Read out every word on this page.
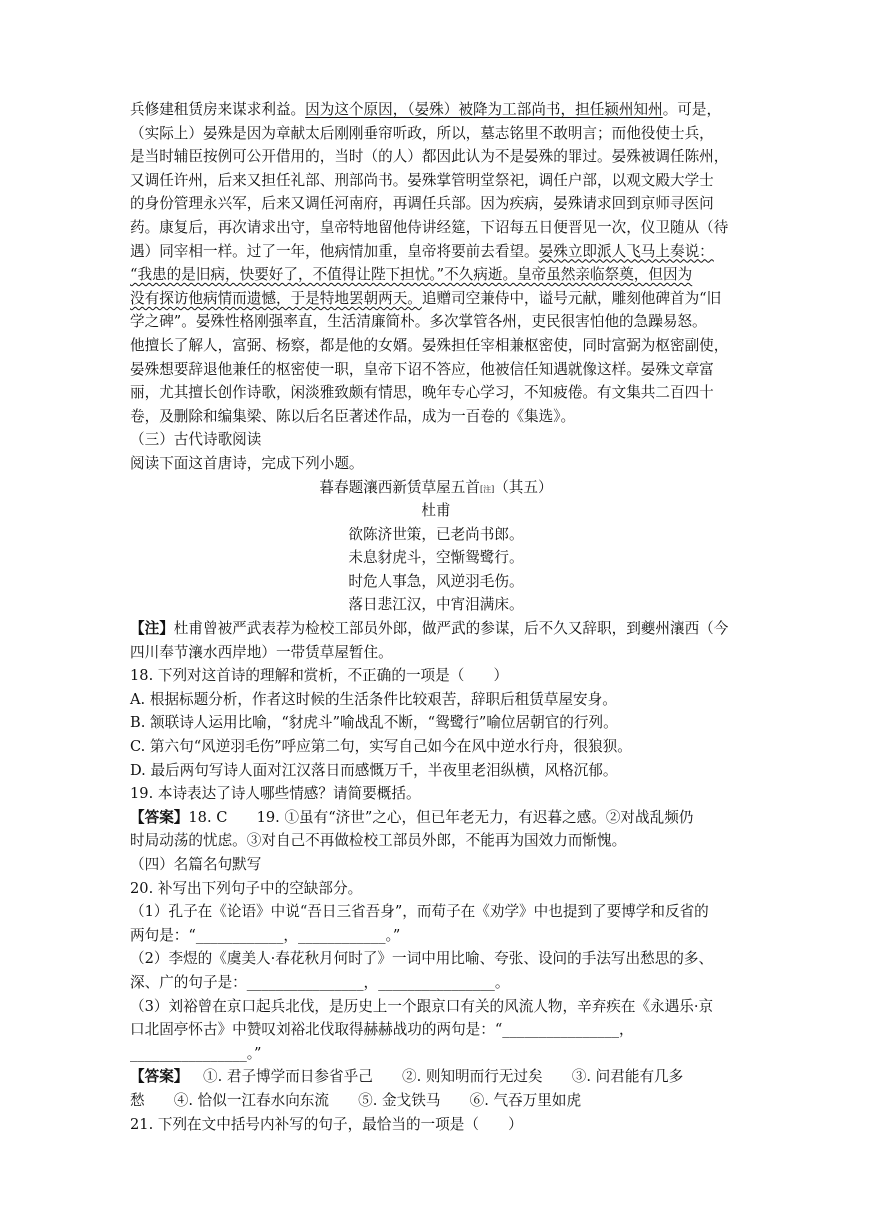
兵修建租赁房来谋求利益。因为这个原因，（晏殊）被降为工部尚书，担任颍州知州。可是，
（实际上）晏殊是因为章献太后刚刚垂帘听政，所以，墓志铭里不敢明言；而他役使士兵，
是当时辅臣按例可公开借用的，当时（的人）都因此认为不是晏殊的罪过。晏殊被调任陈州，
又调任许州，后来又担任礼部、刑部尚书。晏殊掌管明堂祭祀，调任户部，以观文殿大学士
的身份管理永兴军，后来又调任河南府，再调任兵部。因为疾病，晏殊请求回到京师寻医问
药。康复后，再次请求出守，皇帝特地留他侍讲经筵，下诏每五日便晋见一次，仪卫随从（待
遇）同宰相一样。过了一年，他病情加重，皇帝将要前去看望。 晏殊立即派人飞马上奏说：
“我患的是旧病，快要好了，不值得让陛下担忧。”不久病逝。皇帝虽然亲临祭奠，但因为
没有探访他病情而遗憾，于是特地罢朝两天。 追赠司空兼侍中，谥号元献，雕刻他碑首为“旧
学之碑”。晏殊性格刚强率直，生活清廉简朴。多次掌管各州，吏民很害怕他的急躁易怒。
他擅长了解人，富弼、杨察，都是他的女婿。晏殊担任宰相兼枢密使，同时富弼为枢密副使，
晏殊想要辞退他兼任的枢密使一职，皇帝下诏不答应，他被信任知遇就像这样。晏殊文章富
丽，尤其擅长创作诗歌，闲淡雅致颇有情思，晚年专心学习，不知疲倦。有文集共二百四十
卷，及删除和编集梁、陈以后名臣著述作品，成为一百卷的《集选》。
（三）古代诗歌阅读
阅读下面这首唐诗，完成下列小题。
暮春题瀼西新赁草屋五首 [注] （其五）
杜甫
欲陈济世策，已老尚书郎。
未息豺虎斗，空惭鸳鹭行。
时危人事急，风逆羽毛伤。
落日悲江汉，中宵泪满床。
【注】 杜甫曾被严武表荐为检校工部员外郎，做严武的参谋，后不久又辞职，到夔州瀼西（今
四川奉节瀼水西岸地）一带赁草屋暂住。
18. 下列对这首诗的理解和赏析，不正确的一项是（　　）
A. 根据标题分析，作者这时候的生活条件比较艰苦，辞职后租赁草屋安身。
B. 颔联诗人运用比喻，“豺虎斗”喻战乱不断，“鸳鹭行”喻位居朝官的行列。
C. 第六句“风逆羽毛伤”呼应第二句，实写自己如今在风中逆水行舟，很狼狈。
D. 最后两句写诗人面对江汉落日而感慨万千，半夜里老泪纵横，风格沉郁。
19. 本诗表达了诗人哪些情感？请简要概括。
【答案】 18. C　　19. ①虽有“济世”之心，但已年老无力，有迟暮之感。②对战乱频仍
时局动荡的忧虑。③对自己不再做检校工部员外郎，不能再为国效力而惭愧。
（四）名篇名句默写
20. 补写出下列句子中的空缺部分。
（1）孔子在《论语》中说“吾日三省吾身”，而荀子在《劝学》中也提到了要博学和反省的
两句是：“____________，____________。”
（2）李煜的《虞美人·春花秋月何时了》一词中用比喻、夸张、设问的手法写出愁思的多、
深、广的句子是：________________，________________。
（3）刘裕曾在京口起兵北伐，是历史上一个跟京口有关的风流人物，辛弃疾在《永遇乐·京
口北固亭怀古》中赞叹刘裕北伐取得赫赫战功的两句是：“________________，
________________。”
【答案】 　①. 君子博学而日参省乎己　　②. 则知明而行无过矣　　③. 问君能有几多
愁　　④. 恰似一江春水向东流　　⑤. 金戈铁马　　⑥. 气吞万里如虎
21. 下列在文中括号内补写的句子，最恰当的一项是（　　）
